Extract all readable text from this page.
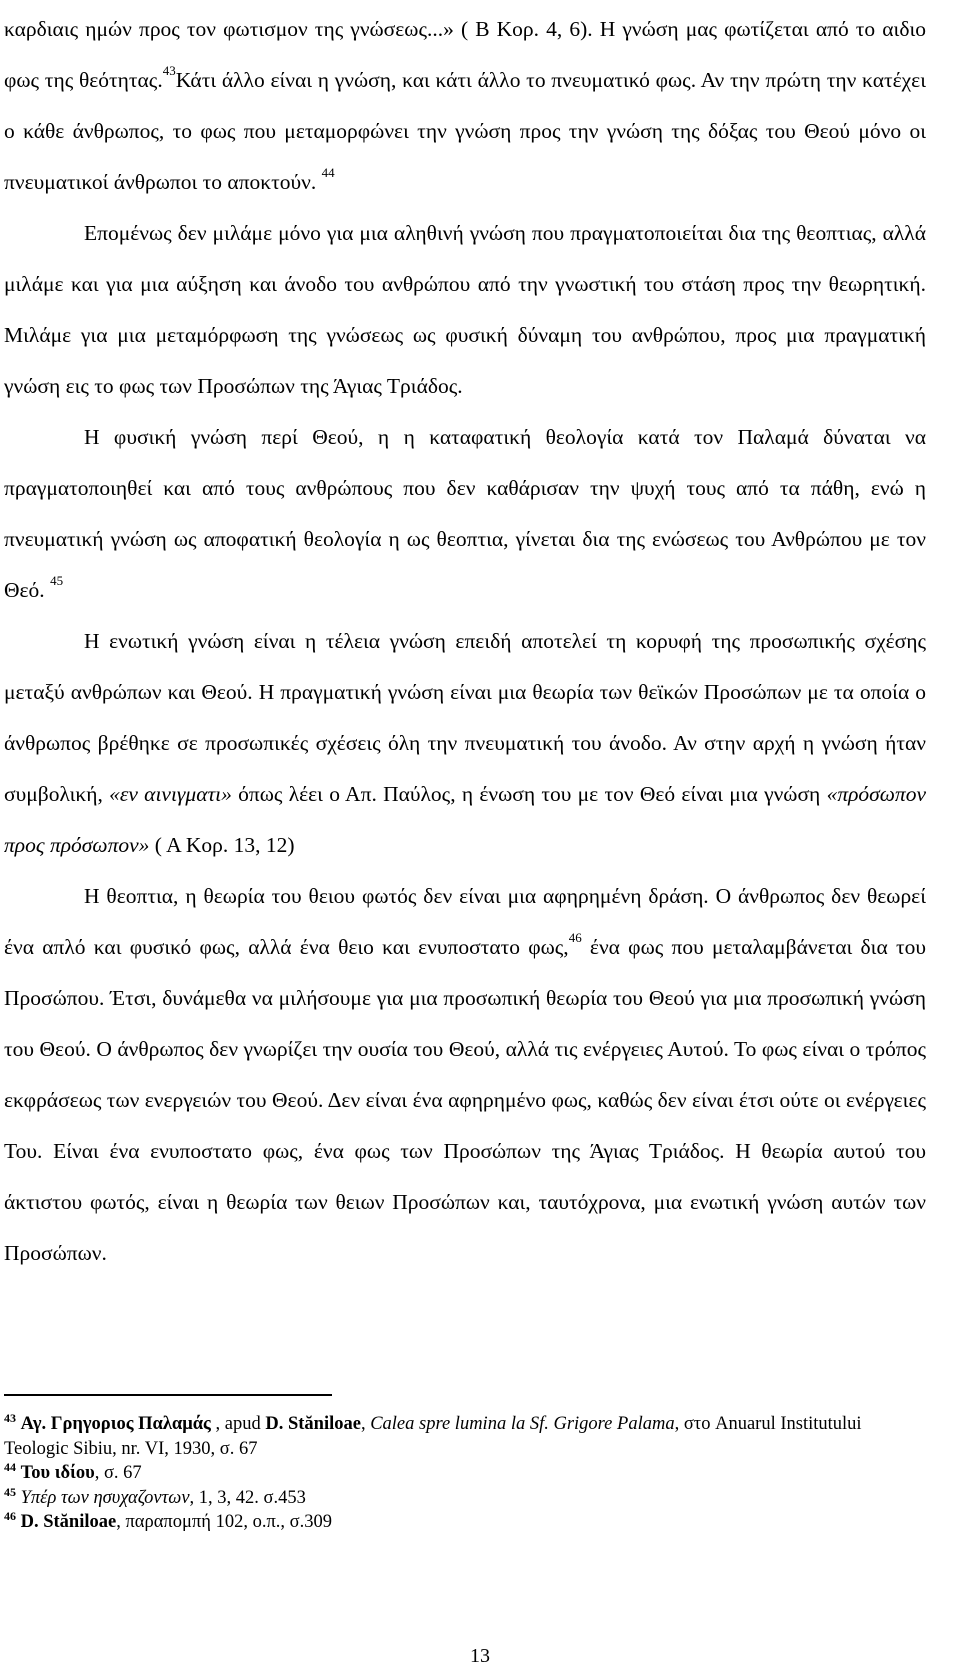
καρδιαις ημών προς τον φωτισμον της γνώσεως...» ( Β Κορ. 4, 6). Η γνώση μας φωτίζεται από το αιδιο φως της θεότητας.$^{43}$Κάτι άλλο είναι η γνώση, και κάτι άλλο το πνευματικό φως. Αν την πρώτη την κατέχει ο κάθε άνθρωπος, το φως που μεταμορφώνει την γνώση προς την γνώση της δόξας του Θεού μόνο οι πνευματικοί άνθρωποι το αποκτούν. $^{44}$

Επομένως δεν μιλάμε μόνο για μια αληθινή γνώση που πραγματοποιείται δια της θεοπτιας, αλλά μιλάμε και για μια αύξηση και άνοδο του ανθρώπου από την γνωστική του στάση προς την θεωρητική. Μιλάμε για μια μεταμόρφωση της γνώσεως ως φυσική δύναμη του ανθρώπου, προς μια πραγματική γνώση εις το φως των Προσώπων της Άγιας Τριάδος.

Η φυσική γνώση περί Θεού, η η καταφατική θεολογία κατά τον Παλαμά δύναται να πραγματοποιηθεί και από τους ανθρώπους που δεν καθάρισαν την ψυχή τους από τα πάθη, ενώ η πνευματική γνώση ως αποφατική θεολογία η ως θεοπτια, γίνεται δια της ενώσεως του Ανθρώπου με τον Θεό. $^{45}$

Η ενωτική γνώση είναι η τέλεια γνώση επειδή αποτελεί τη κορυφή της προσωπικής σχέσης μεταξύ ανθρώπων και Θεού. Η πραγματική γνώση είναι μια θεωρία των θεϊκών Προσώπων με τα οποία ο άνθρωπος βρέθηκε σε προσωπικές σχέσεις όλη την πνευματική του άνοδο. Αν στην αρχή η γνώση ήταν συμβολική, «εν αινιγματι» όπως λέει ο Απ. Παύλος, η ένωση του με τον Θεό είναι μια γνώση «πρόσωπον προς πρόσωπον» ( Α Κορ. 13, 12)

Η θεοπτια, η θεωρία του θειου φωτός δεν είναι μια αφηρημένη δράση. Ο άνθρωπος δεν θεωρεί ένα απλό και φυσικό φως, αλλά ένα θειο και ενυποστατο φως,$^{46}$ ένα φως που μεταλαμβάνεται δια του Προσώπου. Έτσι, δυνάμεθα να μιλήσουμε για μια προσωπική θεωρία του Θεού για μια προσωπική γνώση του Θεού. Ο άνθρωπος δεν γνωρίζει την ουσία του Θεού, αλλά τις ενέργειες Αυτού. Το φως είναι ο τρόπος εκφράσεως των ενεργειών του Θεού. Δεν είναι ένα αφηρημένο φως, καθώς δεν είναι έτσι ούτε οι ενέργειες Του. Είναι ένα ενυποστατο φως, ένα φως των Προσώπων της Άγιας Τριάδος. Η θεωρία αυτού του άκτιστου φωτός, είναι η θεωρία των θειων Προσώπων και, ταυτόχρονα, μια ενωτική γνώση αυτών των Προσώπων.

$^{43}$ Αγ. Γρηγοριος Παλαμάς , apud D. Stăniloae, Calea spre lumina la Sf. Grigore Palama, στο Anuarul Institutului Teologic Sibiu, nr. VI, 1930, σ. 67
$^{44}$ Του ιδίου, σ. 67
$^{45}$ Υπέρ των ησυχαζοντων, 1, 3, 42. σ.453
$^{46}$ D. Stăniloae, παραπομπή 102, ο.π., σ.309
13
